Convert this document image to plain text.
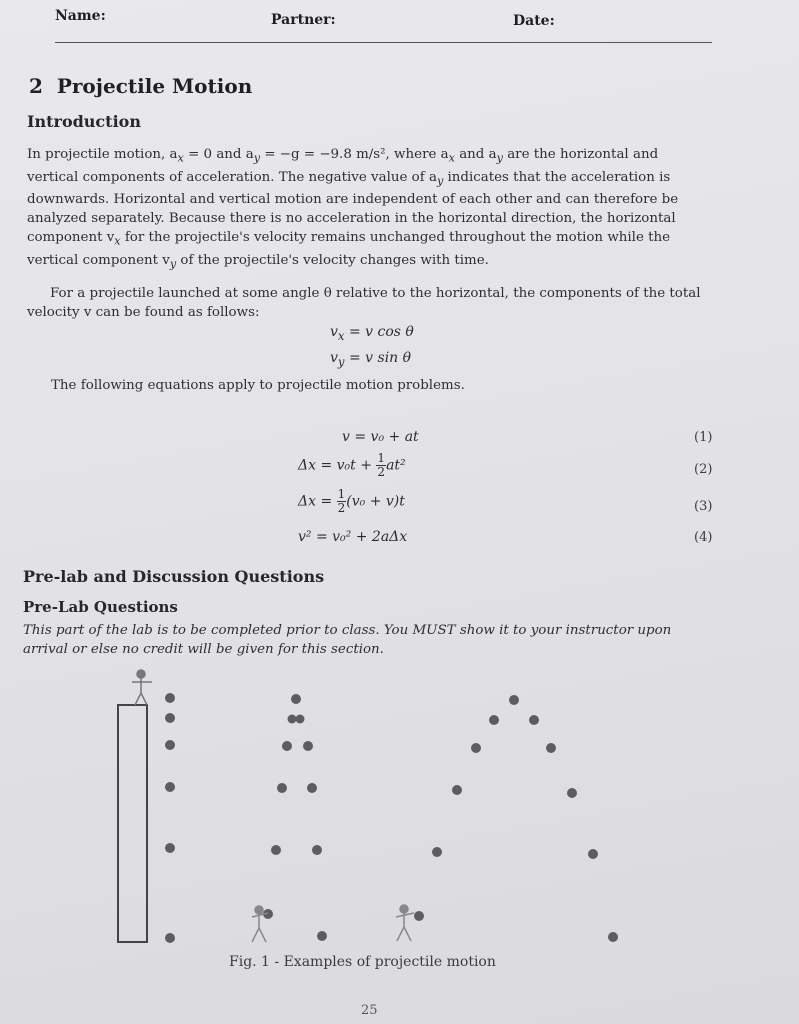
Name:	Partner:	Date:
2 Projectile Motion
Introduction
In projectile motion, $a_x = 0$ and $a_y = -g = -9.8$ m/s², where $a_x$ and $a_y$ are the horizontal and
vertical components of acceleration. The negative value of $a_y$ indicates that the acceleration is
downwards. Horizontal and vertical motion are independent of each other and can therefore be
analyzed separately. Because there is no acceleration in the horizontal direction, the horizontal
component $v_x$ for the projectile's velocity remains unchanged throughout the motion while the
vertical component $v_y$ of the projectile's velocity changes with time.
For a projectile launched at some angle θ relative to the horizontal, the components of the total
velocity v can be found as follows:
$v_x = v$ cos θ
$v_y = v$ sin θ
The following equations apply to projectile motion problems.
v = v₀ + at	(1)
$\Delta x = v_0t + \frac{1}{2} at^2$	(2)
$\Delta x = \frac{1}{2} (v_0 + v)t$	(3)
v² = v₀² + 2aΔx	(4)
Pre-lab and Discussion Questions
Pre-Lab Questions
This part of the lab is to be completed prior to class. You MUST show it to your instructor upon
arrival or else no credit will be given for this section.
Fig. 1 - Examples of projectile motion
25
